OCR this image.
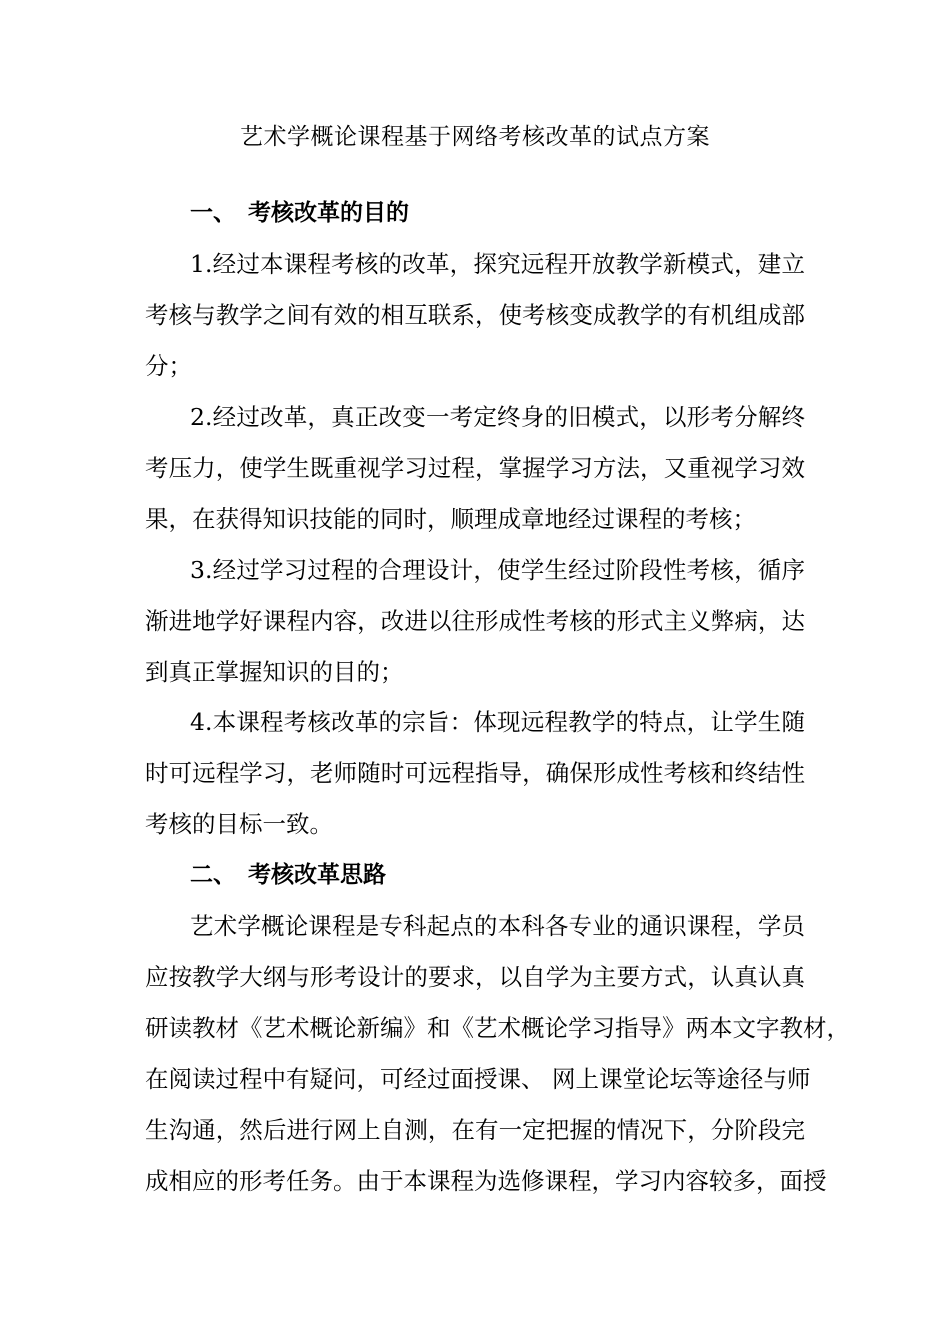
艺术学概论课程基于网络考核改革的试点方案
一、 考核改革的目的
1.经过本课程考核的改革，探究远程开放教学新模式，建立
考核与教学之间有效的相互联系，使考核变成教学的有机组成部
分；
2.经过改革，真正改变一考定终身的旧模式，以形考分解终
考压力，使学生既重视学习过程，掌握学习方法，又重视学习效
果，在获得知识技能的同时，顺理成章地经过课程的考核；
3.经过学习过程的合理设计，使学生经过阶段性考核，循序
渐进地学好课程内容，改进以往形成性考核的形式主义弊病，达
到真正掌握知识的目的；
4.本课程考核改革的宗旨：体现远程教学的特点，让学生随
时可远程学习，老师随时可远程指导，确保形成性考核和终结性
考核的目标一致。
二、 考核改革思路
艺术学概论课程是专科起点的本科各专业的通识课程，学员
应按教学大纲与形考设计的要求，以自学为主要方式，认真认真
研读教材《艺术概论新编》和《艺术概论学习指导》两本文字教材，
在阅读过程中有疑问，可经过面授课、 网上课堂论坛等途径与师
生沟通，然后进行网上自测，在有一定把握的情况下，分阶段完
成相应的形考任务。由于本课程为选修课程，学习内容较多，面授
